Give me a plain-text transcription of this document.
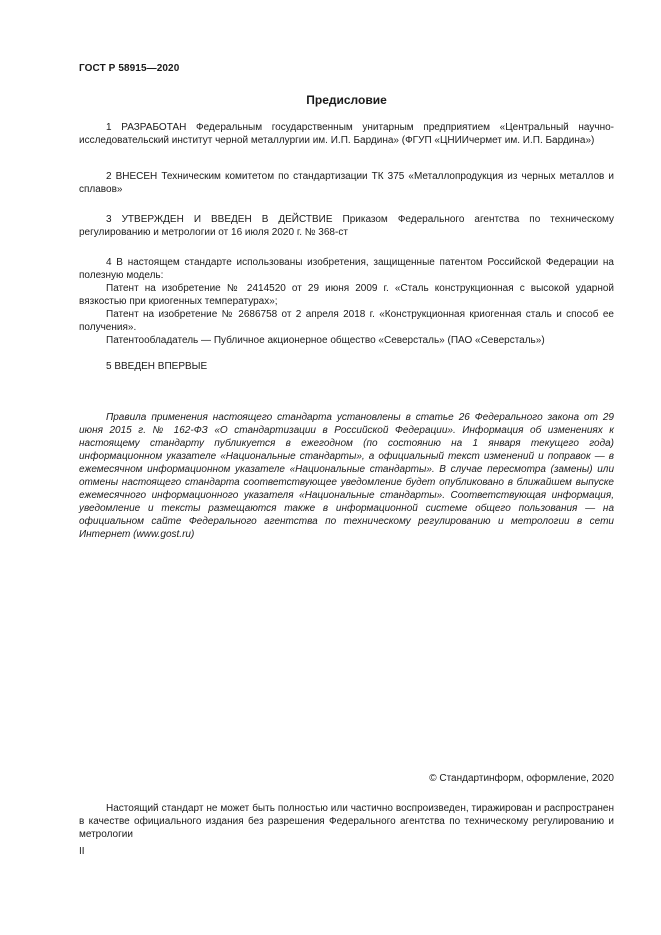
ГОСТ Р 58915—2020
Предисловие

1 РАЗРАБОТАН Федеральным государственным унитарным предприятием «Центральный научно-исследовательский институт черной металлургии им. И.П. Бардина» (ФГУП «ЦНИИчермет им. И.П. Бардина»)

2 ВНЕСЕН Техническим комитетом по стандартизации ТК 375 «Металлопродукция из черных металлов и сплавов»

3 УТВЕРЖДЕН И ВВЕДЕН В ДЕЙСТВИЕ Приказом Федерального агентства по техническому регулированию и метрологии от 16 июля 2020 г. № 368-ст

4 В настоящем стандарте использованы изобретения, защищенные патентом Российской Федерации на полезную модель:

Патент на изобретение № 2414520 от 29 июня 2009 г. «Сталь конструкционная с высокой ударной вязкостью при криогенных температурах»;

Патент на изобретение № 2686758 от 2 апреля 2018 г. «Конструкционная криогенная сталь и способ ее получения».

Патентообладатель — Публичное акционерное общество «Северсталь» (ПАО «Северсталь»)

5 ВВЕДЕН ВПЕРВЫЕ

Правила применения настоящего стандарта установлены в статье 26 Федерального закона от 29 июня 2015 г. № 162-ФЗ «О стандартизации в Российской Федерации». Информация об изменениях к настоящему стандарту публикуется в ежегодном (по состоянию на 1 января текущего года) информационном указателе «Национальные стандарты», а официальный текст изменений и поправок — в ежемесячном информационном указателе «Национальные стандарты». В случае пересмотра (замены) или отмены настоящего стандарта соответствующее уведомление будет опубликовано в ближайшем выпуске ежемесячного информационного указателя «Национальные стандарты». Соответствующая информация, уведомление и тексты размещаются также в информационной системе общего пользования — на официальном сайте Федерального агентства по техническому регулированию и метрологии в сети Интернет (www.gost.ru)

© Стандартинформ, оформление, 2020

Настоящий стандарт не может быть полностью или частично воспроизведен, тиражирован и распространен в качестве официального издания без разрешения Федерального агентства по техническому регулированию и метрологии

II
